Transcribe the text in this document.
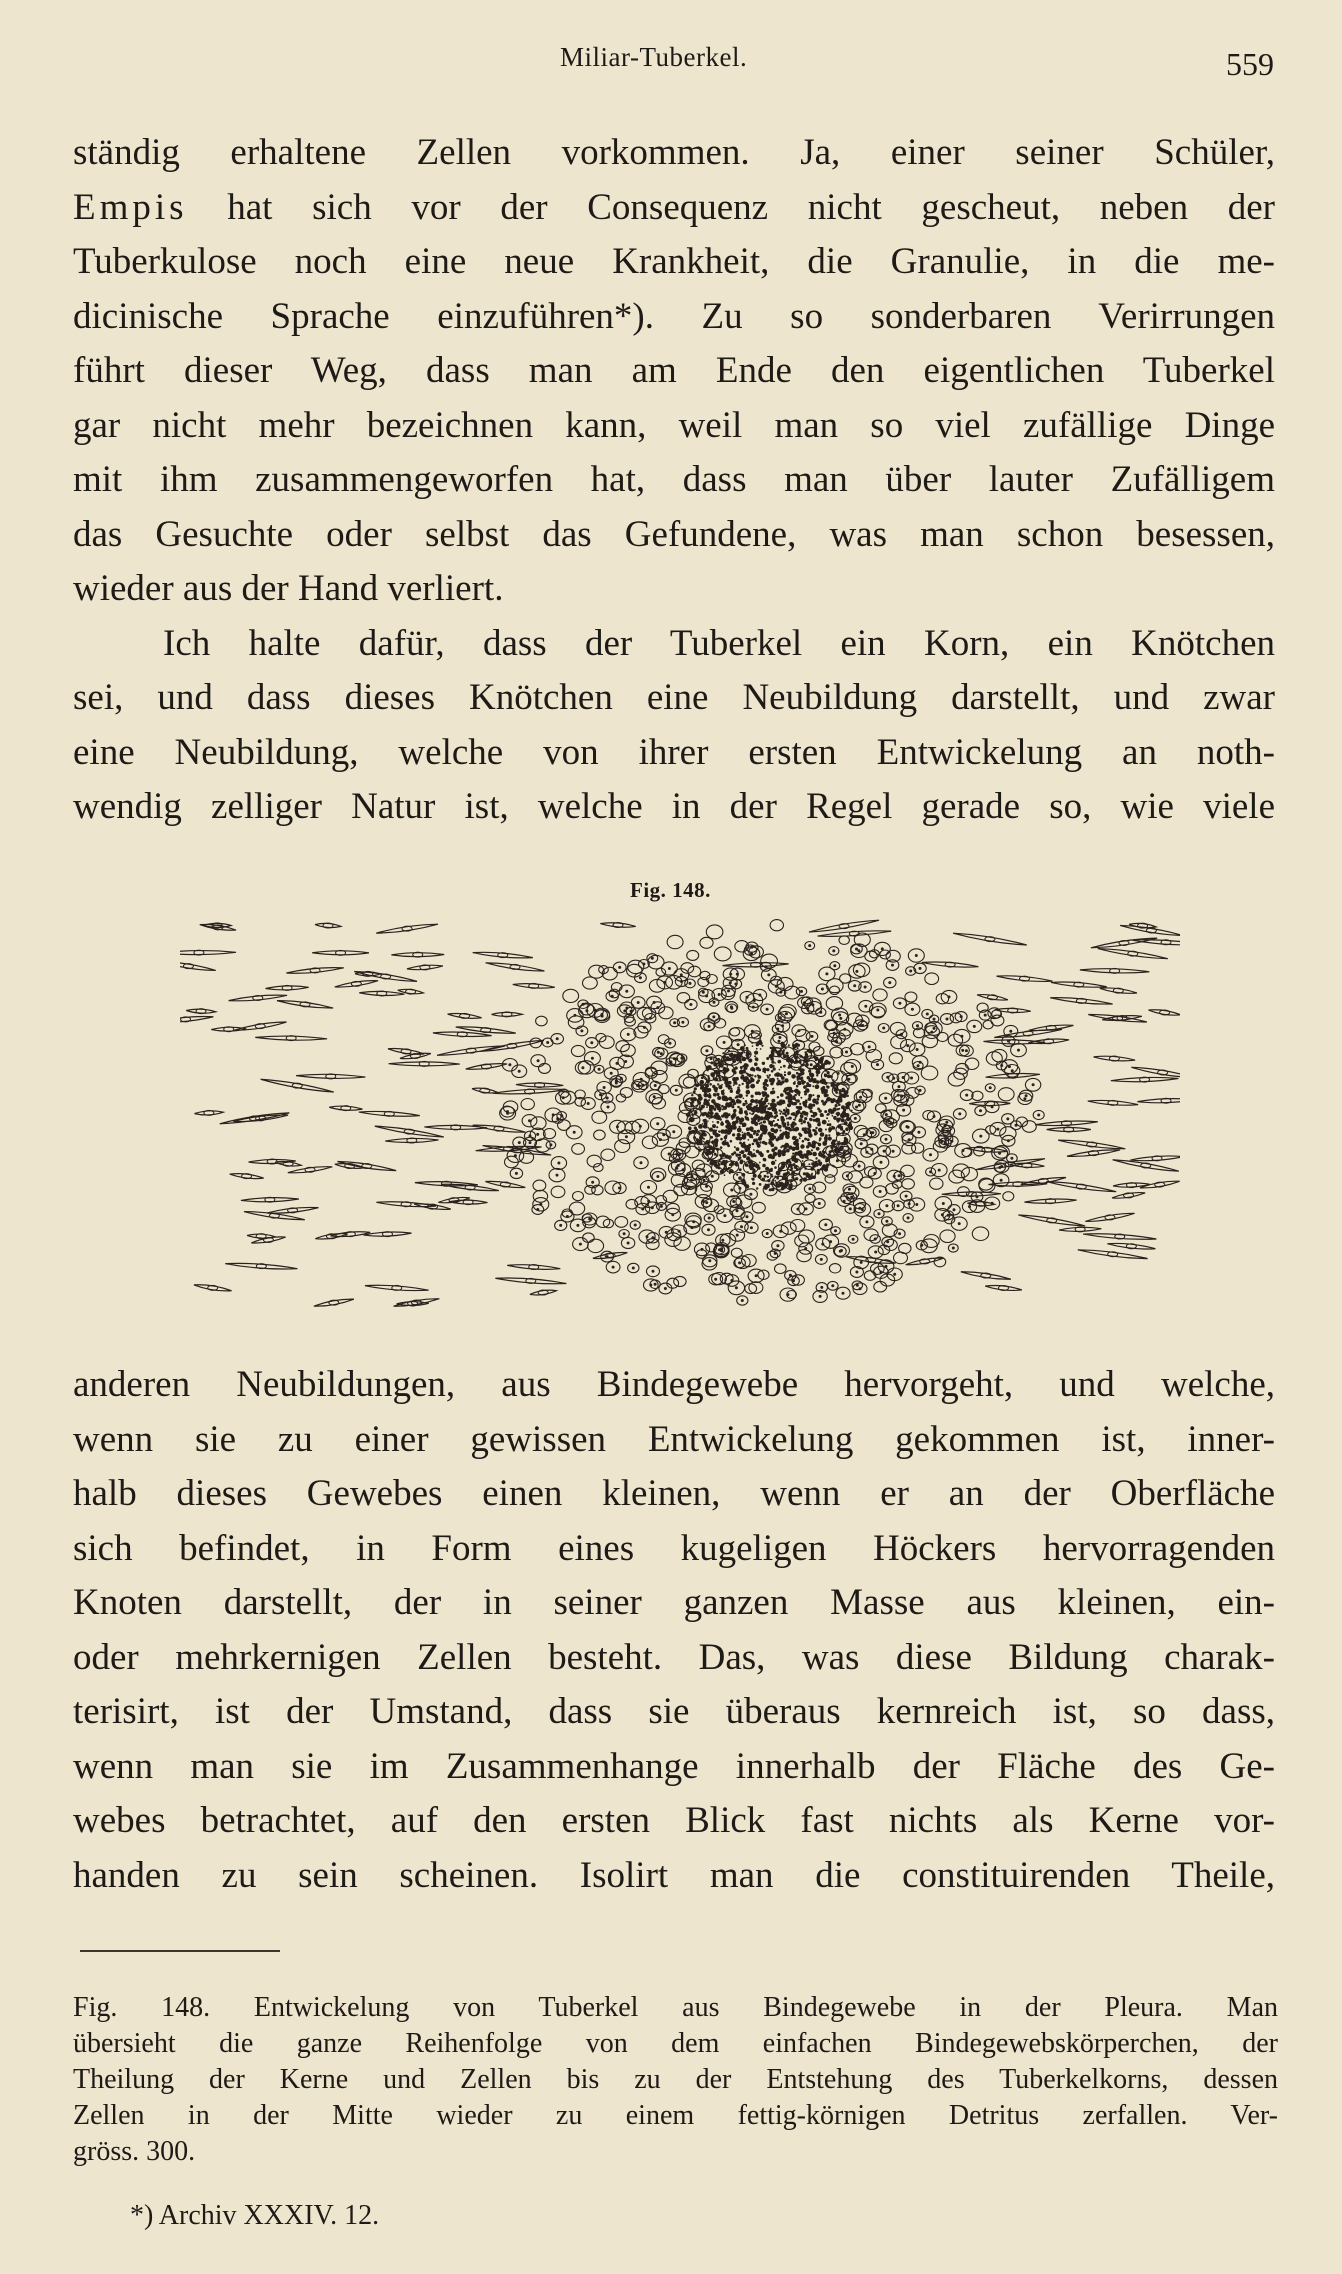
Miliar-Tuberkel.	559
ständig erhaltene Zellen vorkommen. Ja, einer seiner Schüler,
Empis hat sich vor der Consequenz nicht gescheut, neben der
Tuberkulose noch eine neue Krankheit, die Granulie, in die me-
dicinische Sprache einzuführen*). Zu so sonderbaren Verirrungen
führt dieser Weg, dass man am Ende den eigentlichen Tuberkel
gar nicht mehr bezeichnen kann, weil man so viel zufällige Dinge
mit ihm zusammengeworfen hat, dass man über lauter Zufälligem
das Gesuchte oder selbst das Gefundene, was man schon besessen,
wieder aus der Hand verliert.
Ich halte dafür, dass der Tuberkel ein Korn, ein Knötchen
sei, und dass dieses Knötchen eine Neubildung darstellt, und zwar
eine Neubildung, welche von ihrer ersten Entwickelung an noth-
wendig zelliger Natur ist, welche in der Regel gerade so, wie viele
Fig. 148.
anderen Neubildungen, aus Bindegewebe hervorgeht, und welche,
wenn sie zu einer gewissen Entwickelung gekommen ist, inner-
halb dieses Gewebes einen kleinen, wenn er an der Oberfläche
sich befindet, in Form eines kugeligen Höckers hervorragenden
Knoten darstellt, der in seiner ganzen Masse aus kleinen, ein-
oder mehrkernigen Zellen besteht. Das, was diese Bildung charak-
terisirt, ist der Umstand, dass sie überaus kernreich ist, so dass,
wenn man sie im Zusammenhange innerhalb der Fläche des Ge-
webes betrachtet, auf den ersten Blick fast nichts als Kerne vor-
handen zu sein scheinen. Isolirt man die constituirenden Theile,
Fig. 148. Entwickelung von Tuberkel aus Bindegewebe in der Pleura. Man
übersieht die ganze Reihenfolge von dem einfachen Bindegewebskörperchen, der
Theilung der Kerne und Zellen bis zu der Entstehung des Tuberkelkorns, dessen
Zellen in der Mitte wieder zu einem fettig-körnigen Detritus zerfallen. Ver-
gröss. 300.
*) Archiv XXXIV. 12.
